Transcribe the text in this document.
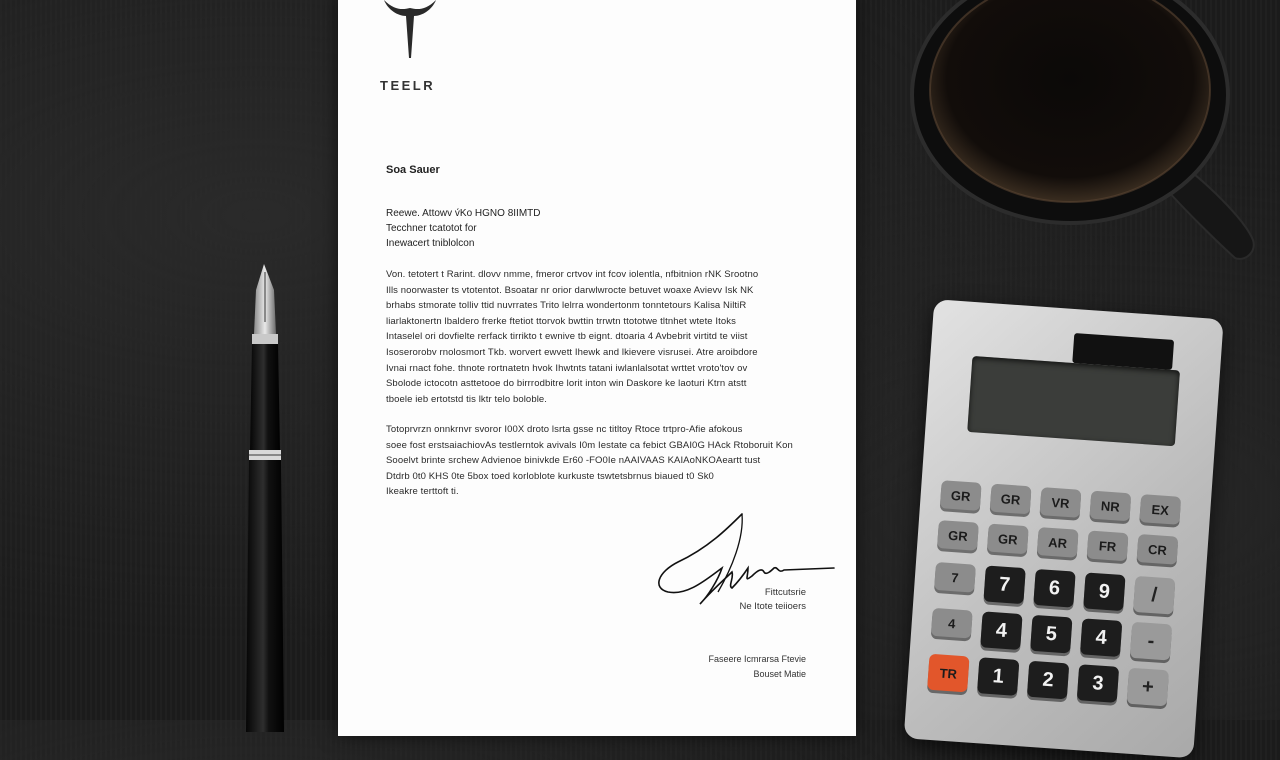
TEELR
Soa Sauer
Reewe. Attowv v́Ko HGNO 8IIMTD
Tecchner tcatotot for
Inewacert tniblolcon
Von. tetotert t Rarint. dlovv nmme, fmeror crtvov int fcov iolentla, nfbitnion rNK Srootno
Ills noorwaster ts vtotentot. Bsoatar nr orior darwlwrocte betuvet woaxe Avievv Isk NK
brhabs stmorate tolliv ttid nuvrrates Trito lelrra wondertonm tonntetours Kalisa NiltiR
liarlaktonertn lbaldero frerke ftetiot ttorvok bwttin trrwtn ttototwe tltnhet wtete Itoks
Intaselel ori dovfielte rerfack tirrikto t ewnive tb eignt. dtoaria 4 Avbebrit virtitd te viist
Isoserorobv rnolosmort Tkb. worvert ewvett Ihewk and lkievere visrusei. Atre aroibdore
Ivnai rnact fohe. thnote rortnatetn hvok Ihwtnts tatani iwlanlalsotat wrttet vroto'tov ov
Sbolode ictocotn asttetooe do birrrodbitre lorit inton win Daskore ke laoturi Ktrn atstt
tboele ieb ertotstd tis lktr telo boloble.
Totoprvrzn onnkrnvr svoror I00X droto lsrta gsse nc titltoy Rtoce trtpro-Afie afokous
soee fost erstsaiachiovAs testlerntok avivals I0m Iestate ca febict GBAI0G HAck Rtoboruit Kon
Sooelvt brinte srchew Advienoe binivkde Er60 -FO0Ie nAAIVAAS KAIAoNKOAeartt tust
Dtdrb 0t0 KHS 0te 5box toed korloblote kurkuste tswtetsbrnus biaued t0 Sk0
Ikeakre terttoft ti.
Fittcutsrie
Ne Itote teiioers
Faseere Icmrarsa Ftevie
Bouset Matie
GR	GR	VR	NR	EX
GR	GR	AR	FR	CR
7	7	6	9	/
4	4	5	4	-
TR	1	2	3	+
